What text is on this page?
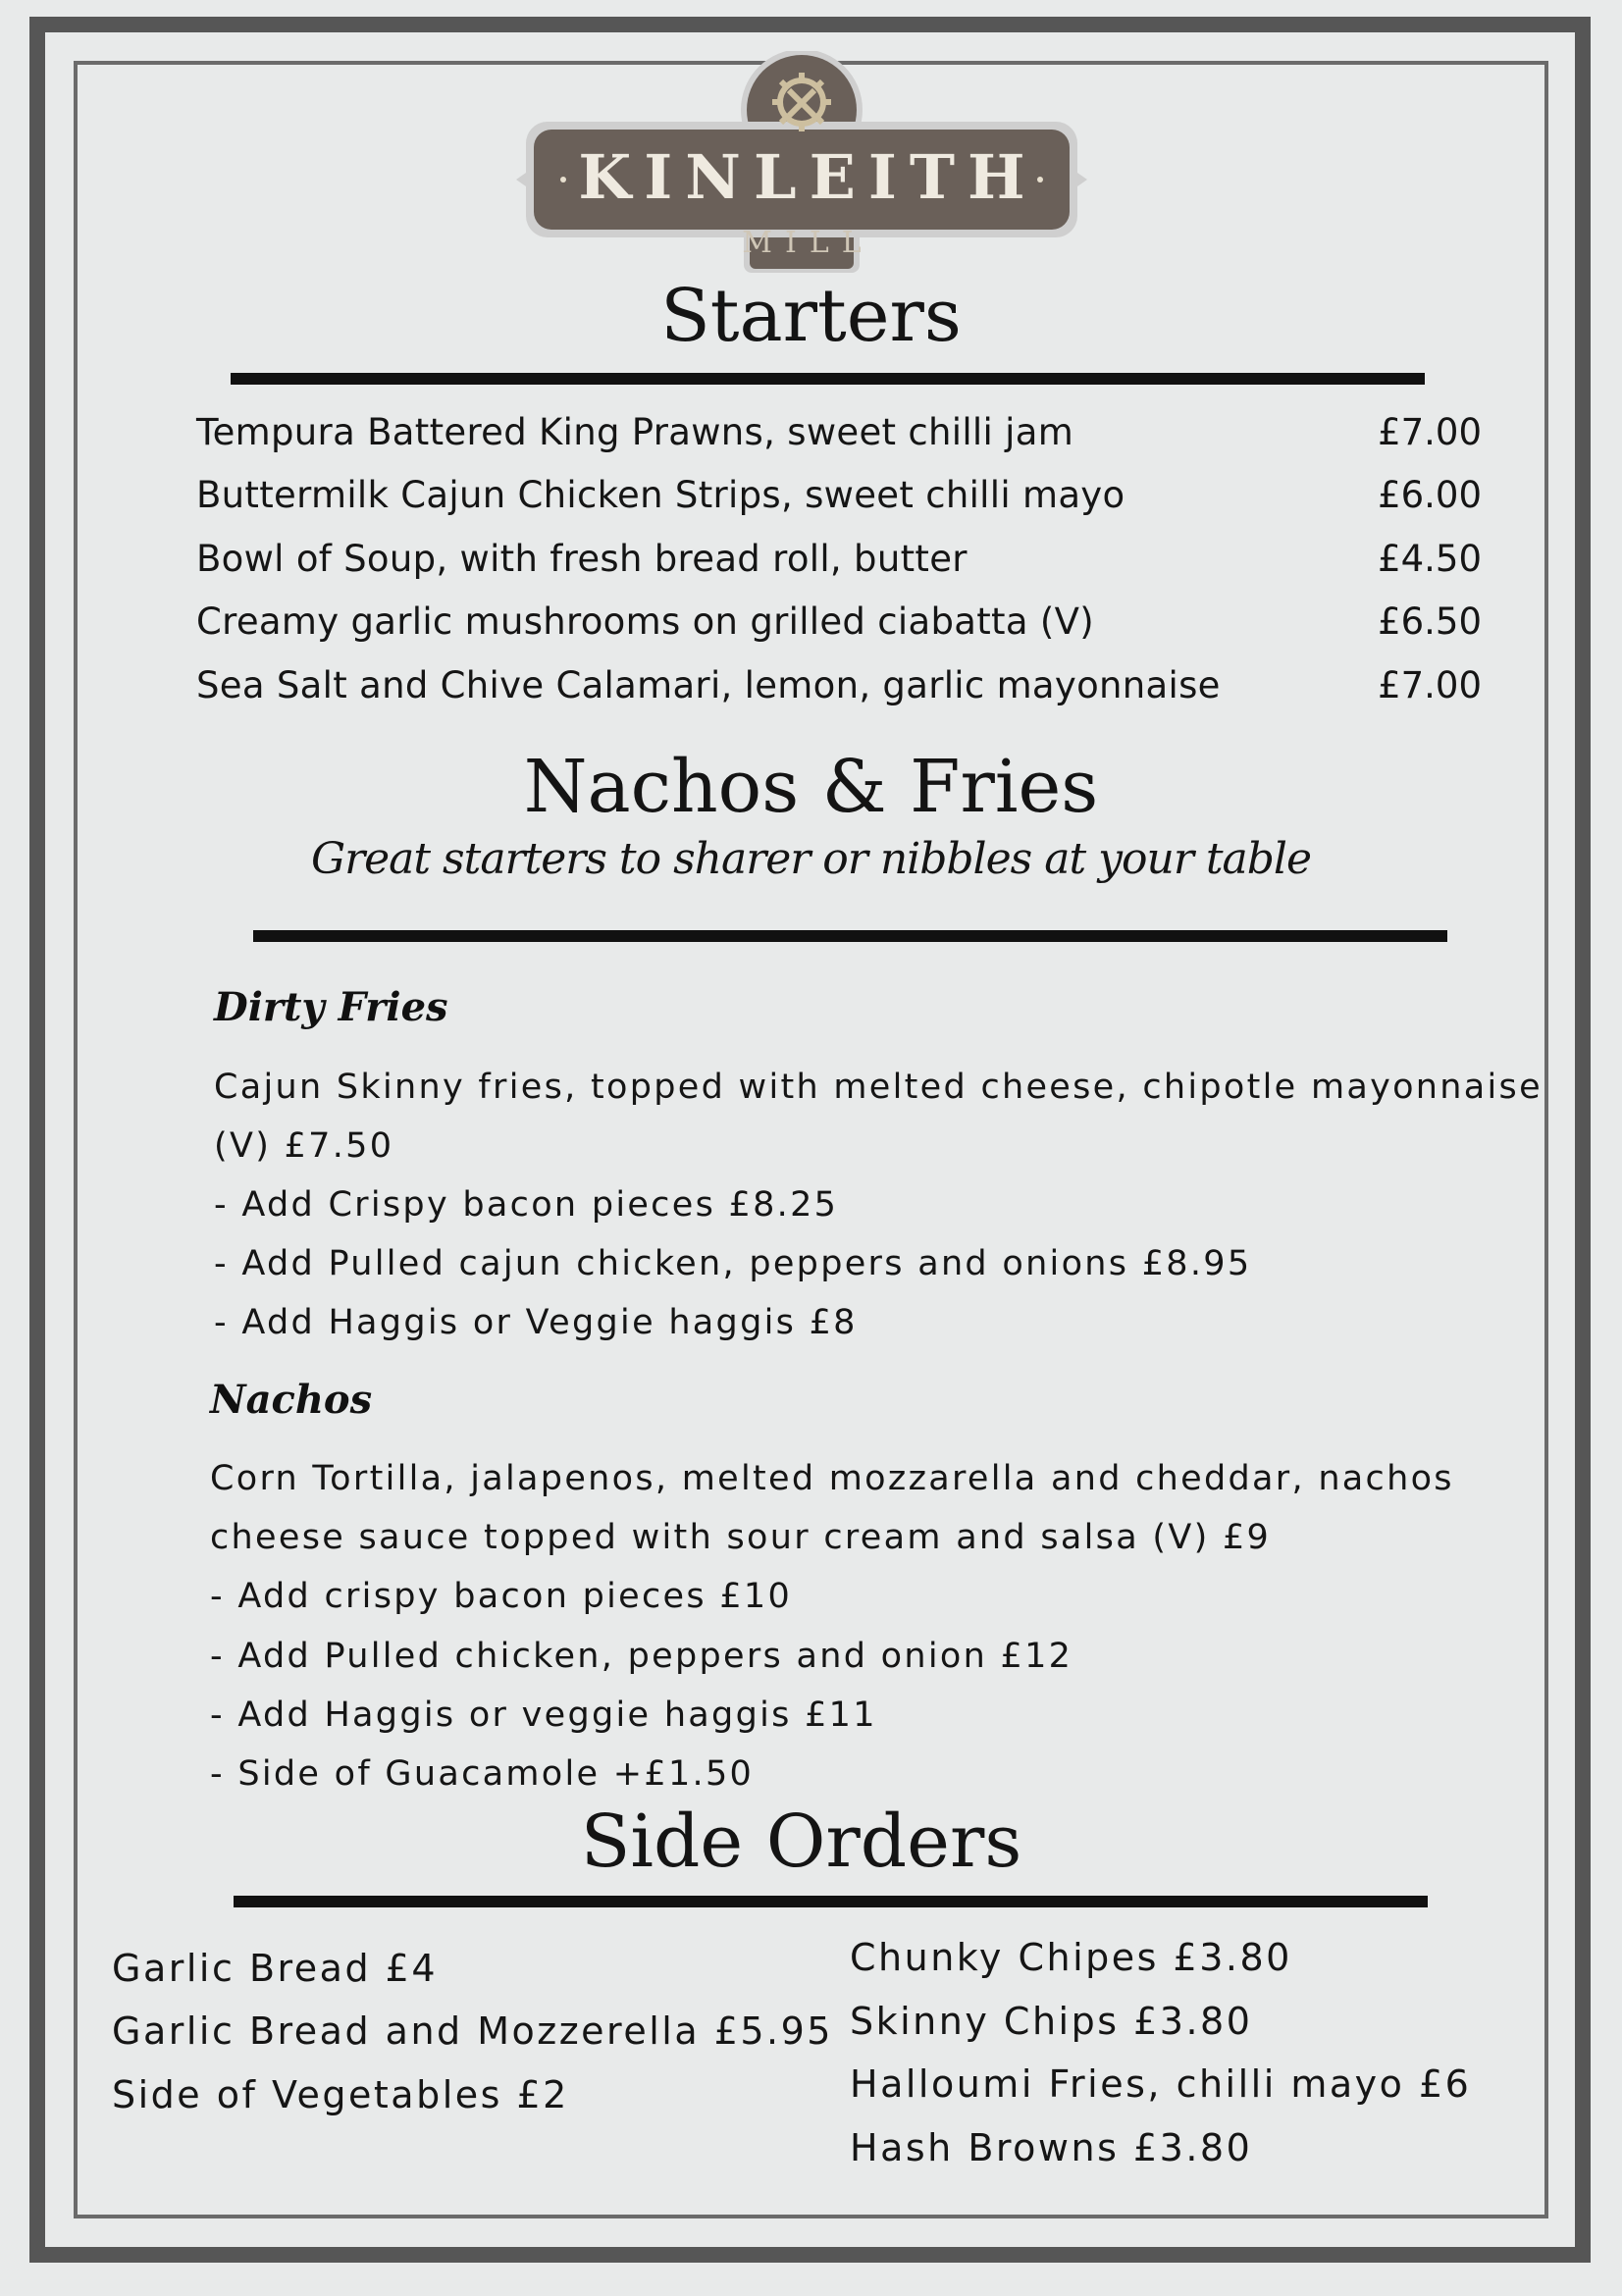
KINLEITH
MILL
Starters
Tempura Battered King Prawns, sweet chilli jam	£7.00
Buttermilk Cajun Chicken Strips, sweet chilli mayo	£6.00
Bowl of Soup, with fresh bread roll, butter	£4.50
Creamy garlic mushrooms on grilled ciabatta (V)	£6.50
Sea Salt and Chive Calamari, lemon, garlic mayonnaise	£7.00
Nachos & Fries
Great starters to sharer or nibbles at your table
Dirty Fries
Cajun Skinny fries, topped with melted cheese, chipotle mayonnaise
(V) £7.50
- Add Crispy bacon pieces £8.25
- Add Pulled cajun chicken, peppers and onions £8.95
- Add Haggis or Veggie haggis £8
Nachos
Corn Tortilla, jalapenos, melted mozzarella and cheddar, nachos
cheese sauce topped with sour cream and salsa (V) £9
- Add crispy bacon pieces £10
- Add Pulled chicken, peppers and onion £12
- Add Haggis or veggie haggis £11
- Side of Guacamole +£1.50
Side Orders
Garlic Bread £4
Garlic Bread and Mozzerella £5.95
Side of Vegetables £2
Chunky Chipes £3.80
Skinny Chips £3.80
Halloumi Fries, chilli mayo £6
Hash Browns £3.80
